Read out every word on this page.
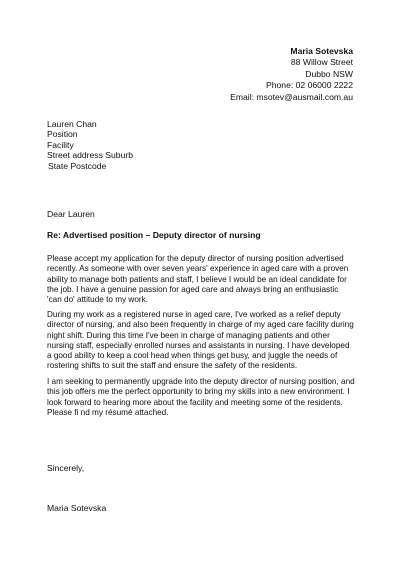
Maria Sotevska
88 Willow Street
Dubbo NSW
Phone: 02 06000 2222
Email: msotev@ausmail.com.au
Lauren Chan
Position
Facility
Street address Suburb
State Postcode
Dear Lauren
Re: Advertised position – Deputy director of nursing
Please accept my application for the deputy director of nursing position advertised
recently. As someone with over seven years' experience in aged care with a proven
ability to manage both patients and staff, I believe I would be an ideal candidate for
the job. I have a genuine passion for aged care and always bring an enthusiastic
'can do' attitude to my work.
During my work as a registered nurse in aged care, I've worked as a relief deputy
director of nursing, and also been frequently in charge of my aged care facility during
night shift. During this time I've been in charge of managing patients and other
nursing staff, especially enrolled nurses and assistants in nursing. I have developed
a good ability to keep a cool head when things get busy, and juggle the needs of
rostering shifts to suit the staff and ensure the safety of the residents.
I am seeking to permanently upgrade into the deputy director of nursing position, and
this job offers me the perfect opportunity to bring my skills into a new environment. I
look forward to hearing more about the facility and meeting some of the residents.
Please fi nd my résumé attached.
Sincerely,
Maria Sotevska
